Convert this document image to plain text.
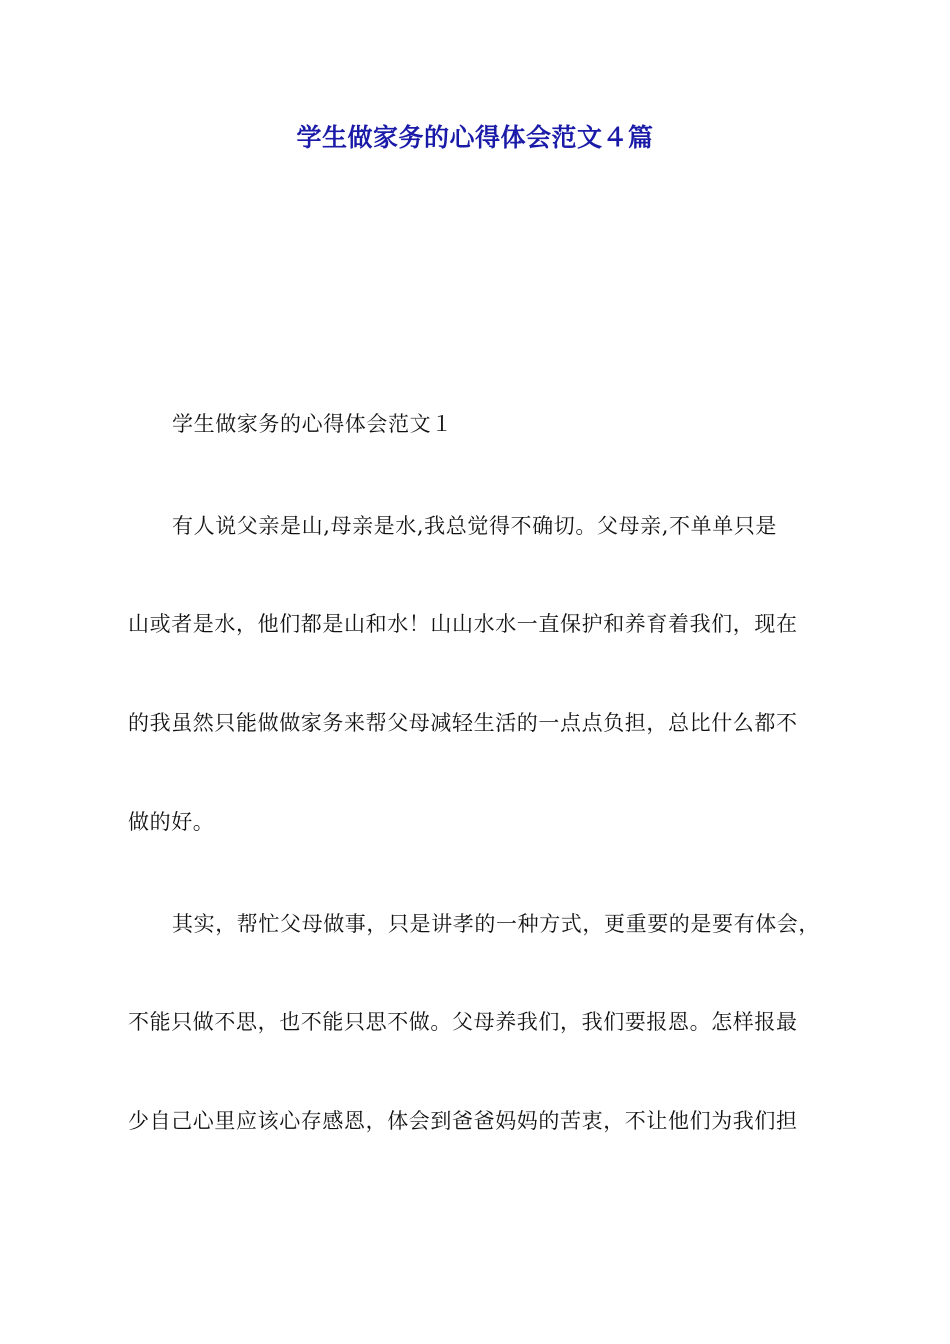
学生做家务的心得体会范文４篇
学生做家务的心得体会范文１
有人说父亲是山,母亲是水,我总觉得不确切。父母亲,不单单只是
山或者是水，他们都是山和水！山山水水一直保护和养育着我们，现在
的我虽然只能做做家务来帮父母减轻生活的一点点负担，总比什么都不
做的好。
其实，帮忙父母做事，只是讲孝的一种方式，更重要的是要有体会，
不能只做不思，也不能只思不做。父母养我们，我们要报恩。怎样报最
少自己心里应该心存感恩，体会到爸爸妈妈的苦衷，不让他们为我们担
